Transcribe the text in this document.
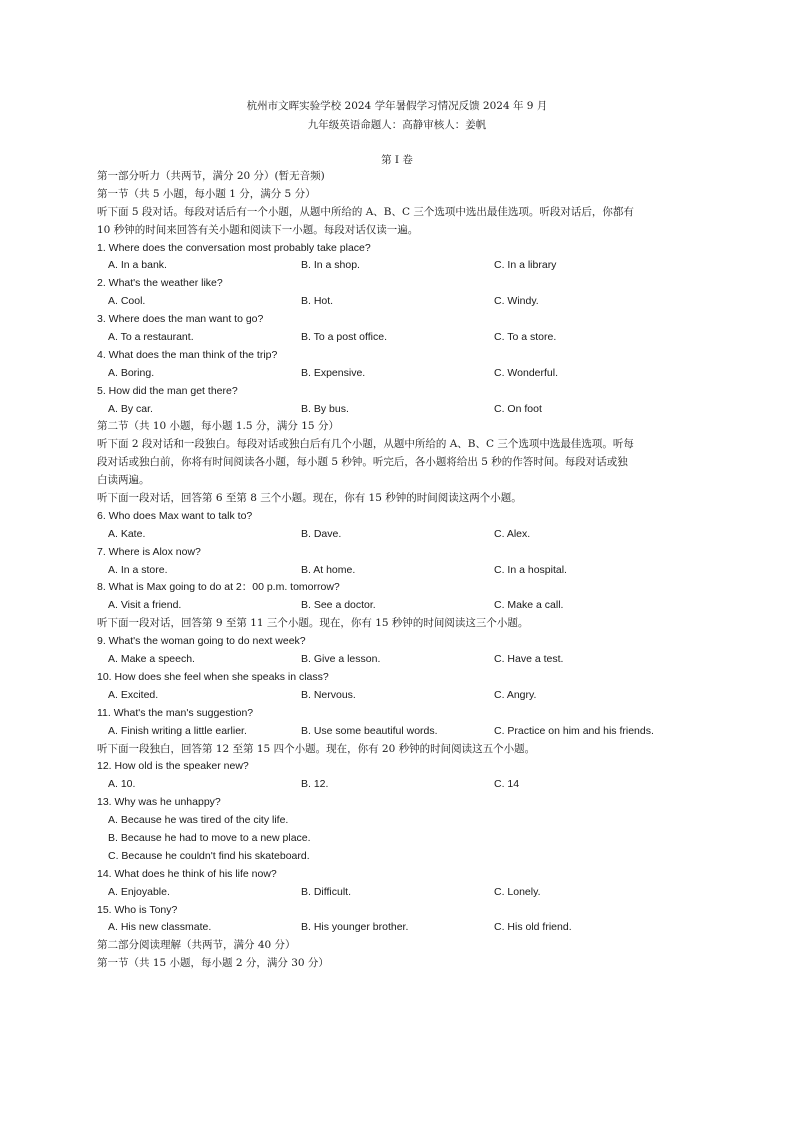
杭州市文晖实验学校 2024 学年暑假学习情况反馈 2024 年 9 月
九年级英语命题人：高静审核人：姜帆
第 I 卷
第一部分听力（共两节，满分 20 分）(暂无音频)
第一节（共 5 小题，每小题 1 分，满分 5 分）
听下面 5 段对话。每段对话后有一个小题，从题中所给的 A、B、C 三个选项中选出最佳选项。听段对话后，你都有
10 秒钟的时间来回答有关小题和阅读下一小题。每段对话仅读一遍。
1. Where does the conversation most probably take place?
A. In a bank.	B. In a shop.	C. In a library
2. What's the weather like?
A. Cool.	B. Hot.	C. Windy.
3. Where does the man want to go?
A. To a restaurant.	B. To a post office.	C. To a store.
4. What does the man think of the trip?
A. Boring.	B. Expensive.	C. Wonderful.
5. How did the man get there?
A. By car.	B. By bus.	C. On foot
第二节（共 10 小题，每小题 1.5 分，满分 15 分）
听下面 2 段对话和一段独白。每段对话或独白后有几个小题，从题中所给的 A、B、C 三个选项中选最佳选项。听每
段对话或独白前，你将有时间阅读各小题，每小题 5 秒钟。听完后，各小题将给出 5 秒的作答时间。每段对话或独
白读两遍。
听下面一段对话，回答第 6 至第 8 三个小题。现在，你有 15 秒钟的时间阅读这两个小题。
6. Who does Max want to talk to?
A. Kate.	B. Dave.	C. Alex.
7. Where is Alox now?
A. In a store.	B. At home.	C. In a hospital.
8. What is Max going to do at 2：00 p.m. tomorrow?
A. Visit a friend.	B. See a doctor.	C. Make a call.
听下面一段对话，回答第 9 至第 11 三个小题。现在，你有 15 秒钟的时间阅读这三个小题。
9. What's the woman going to do next week?
A. Make a speech.	B. Give a lesson.	C. Have a test.
10. How does she feel when she speaks in class?
A. Excited.	B. Nervous.	C. Angry.
11. What's the man's suggestion?
A. Finish writing a little earlier.	B. Use some beautiful words.	C. Practice on him and his friends.
听下面一段独白，回答第 12 至第 15 四个小题。现在，你有 20 秒钟的时间阅读这五个小题。
12. How old is the speaker new?
A. 10.	B. 12.	C. 14
13. Why was he unhappy?
A. Because he was tired of the city life.
B. Because he had to move to a new place.
C. Because he couldn't find his skateboard.
14. What does he think of his life now?
A. Enjoyable.	B. Difficult.	C. Lonely.
15. Who is Tony?
A. His new classmate.	B. His younger brother.	C. His old friend.
第二部分阅读理解（共两节，满分 40 分）
第一节（共 15 小题，每小题 2 分，满分 30 分）
